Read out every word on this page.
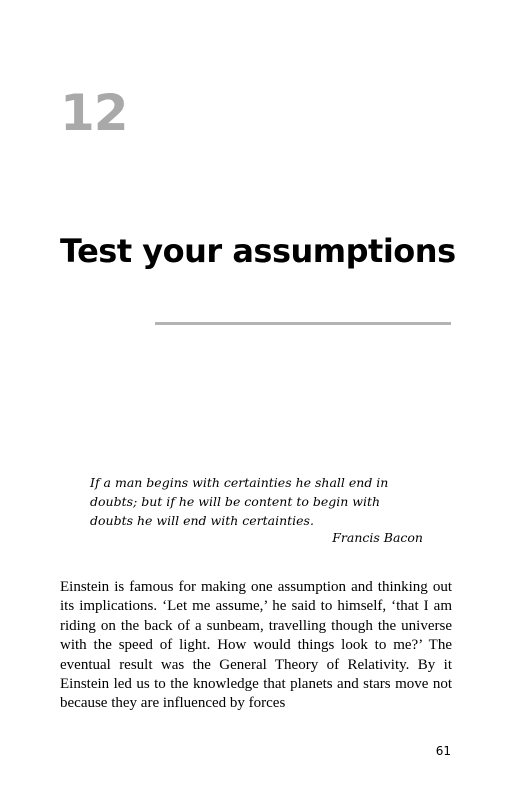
12
Test your assumptions

If a man begins with certainties he shall end in doubts; but if he will be content to begin with doubts he will end with certainties.

Francis Bacon

Einstein is famous for making one assumption and thinking out its implications. ‘Let me assume,’ he said to himself, ‘that I am riding on the back of a sunbeam, travelling though the universe with the speed of light. How would things look to me?’ The eventual result was the General Theory of Relativity. By it Einstein led us to the knowledge that planets and stars move not because they are influenced by forces

61
